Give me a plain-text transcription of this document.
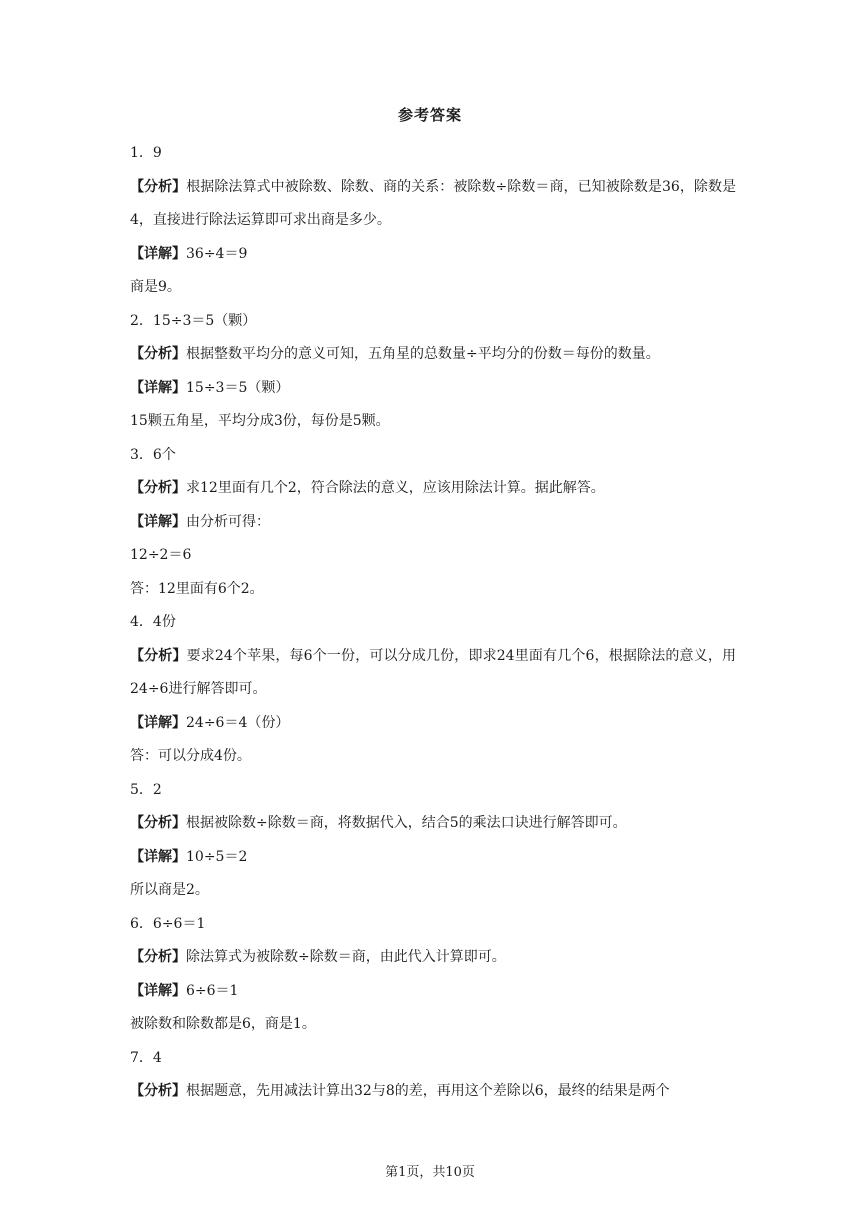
参考答案
1．9
【分析】根据除法算式中被除数、除数、商的关系：被除数÷除数＝商，已知被除数是36，除数是4，直接进行除法运算即可求出商是多少。
【详解】36÷4＝9
商是9。
2．15÷3＝5（颗）
【分析】根据整数平均分的意义可知，五角星的总数量÷平均分的份数＝每份的数量。
【详解】15÷3＝5（颗）
15颗五角星，平均分成3份，每份是5颗。
3．6个
【分析】求12里面有几个2，符合除法的意义，应该用除法计算。据此解答。
【详解】由分析可得：
12÷2＝6
答：12里面有6个2。
4．4份
【分析】要求24个苹果，每6个一份，可以分成几份，即求24里面有几个6，根据除法的意义，用24÷6进行解答即可。
【详解】24÷6＝4（份）
答：可以分成4份。
5．2
【分析】根据被除数÷除数＝商，将数据代入，结合5的乘法口诀进行解答即可。
【详解】10÷5＝2
所以商是2。
6．6÷6＝1
【分析】除法算式为被除数÷除数＝商，由此代入计算即可。
【详解】6÷6＝1
被除数和除数都是6，商是1。
7．4
【分析】根据题意，先用减法计算出32与8的差，再用这个差除以6，最终的结果是两个
第1页，共10页
